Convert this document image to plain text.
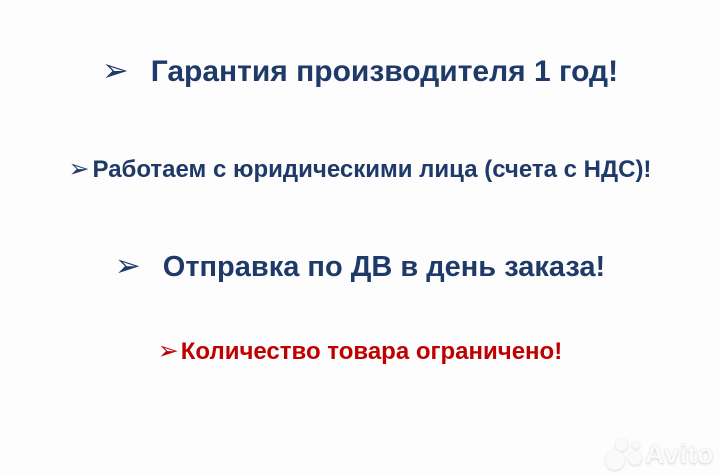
➢ Гарантия производителя 1 год!
➢ Работаем с юридическими лица (счета с НДС)!
➢ Отправка по ДВ в день заказа!
➢Количество товара ограничено!
Avito
